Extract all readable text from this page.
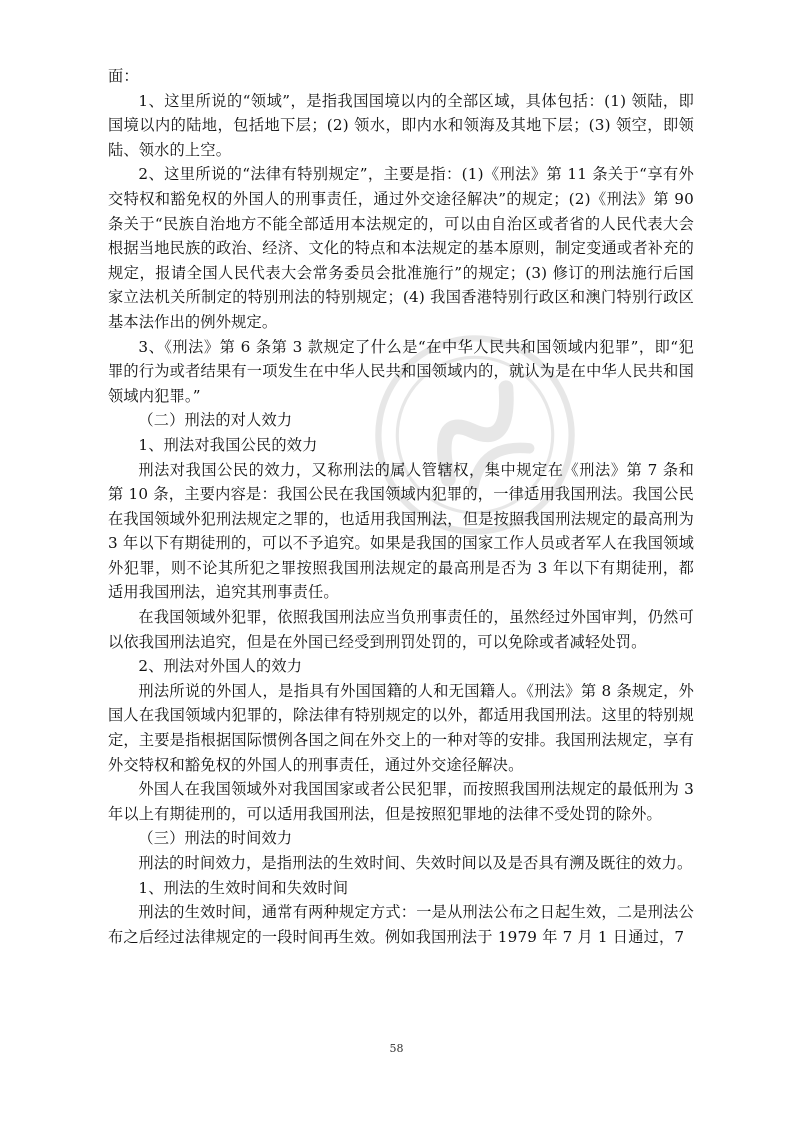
面：

1、这里所说的“领域”，是指我国国境以内的全部区域，具体包括：(1) 领陆，即国境以内的陆地，包括地下层；(2) 领水，即内水和领海及其地下层；(3) 领空，即领陆、领水的上空。

2、这里所说的“法律有特别规定”，主要是指：(1)《刑法》第 11 条关于“享有外交特权和豁免权的外国人的刑事责任，通过外交途径解决”的规定；(2)《刑法》第 90 条关于“民族自治地方不能全部适用本法规定的，可以由自治区或者省的人民代表大会根据当地民族的政治、经济、文化的特点和本法规定的基本原则，制定变通或者补充的规定，报请全国人民代表大会常务委员会批准施行”的规定；(3) 修订的刑法施行后国家立法机关所制定的特别刑法的特别规定；(4) 我国香港特别行政区和澳门特别行政区基本法作出的例外规定。

3、《刑法》第 6 条第 3 款规定了什么是“在中华人民共和国领域内犯罪”，即“犯罪的行为或者结果有一项发生在中华人民共和国领域内的，就认为是在中华人民共和国领域内犯罪。”

（二）刑法的对人效力

1、刑法对我国公民的效力

刑法对我国公民的效力，又称刑法的属人管辖权，集中规定在《刑法》第 7 条和第 10 条，主要内容是：我国公民在我国领域内犯罪的，一律适用我国刑法。我国公民在我国领域外犯刑法规定之罪的，也适用我国刑法，但是按照我国刑法规定的最高刑为 3 年以下有期徒刑的，可以不予追究。如果是我国的国家工作人员或者军人在我国领域外犯罪，则不论其所犯之罪按照我国刑法规定的最高刑是否为 3 年以下有期徒刑，都适用我国刑法，追究其刑事责任。

在我国领域外犯罪，依照我国刑法应当负刑事责任的，虽然经过外国审判，仍然可以依我国刑法追究，但是在外国已经受到刑罚处罚的，可以免除或者减轻处罚。

2、刑法对外国人的效力

刑法所说的外国人，是指具有外国国籍的人和无国籍人。《刑法》第 8 条规定，外国人在我国领域内犯罪的，除法律有特别规定的以外，都适用我国刑法。这里的特别规定，主要是指根据国际惯例各国之间在外交上的一种对等的安排。我国刑法规定，享有外交特权和豁免权的外国人的刑事责任，通过外交途径解决。

外国人在我国领域外对我国国家或者公民犯罪，而按照我国刑法规定的最低刑为 3 年以上有期徒刑的，可以适用我国刑法，但是按照犯罪地的法律不受处罚的除外。

（三）刑法的时间效力

刑法的时间效力，是指刑法的生效时间、失效时间以及是否具有溯及既往的效力。

1、刑法的生效时间和失效时间

刑法的生效时间，通常有两种规定方式：一是从刑法公布之日起生效，二是刑法公布之后经过法律规定的一段时间再生效。例如我国刑法于 1979 年 7 月 1 日通过，7

58
